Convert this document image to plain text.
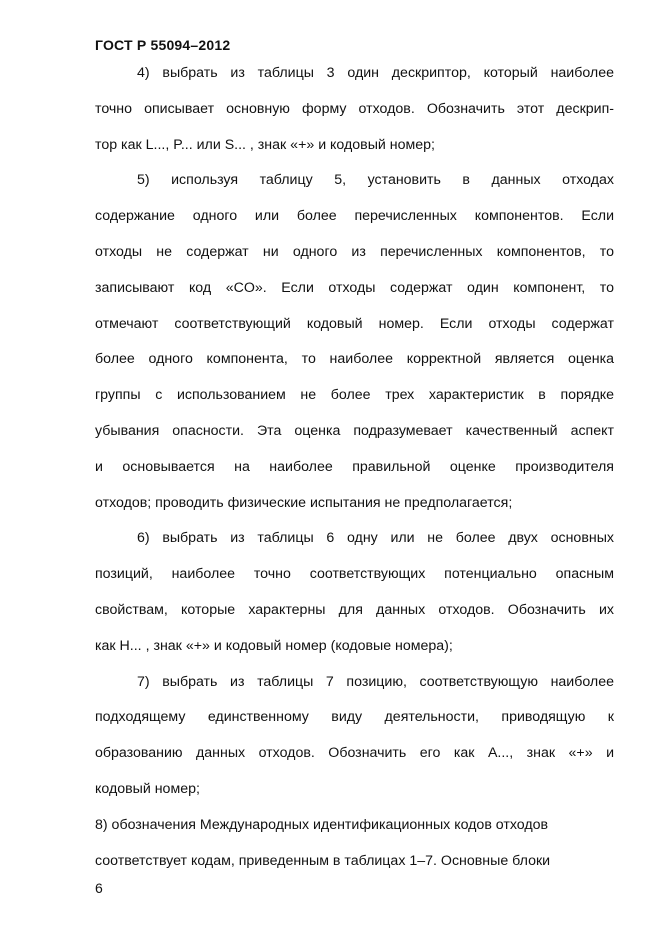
ГОСТ Р 55094–2012
4) выбрать из таблицы 3 один дескриптор, который наиболее
точно описывает основную форму отходов. Обозначить этот дескрип-
тор как L..., P... или S... , знак «+» и кодовый номер;
5) используя таблицу 5, установить в данных отходах
содержание одного или более перечисленных компонентов. Если
отходы не содержат ни одного из перечисленных компонентов, то
записывают код «CO». Если отходы содержат один компонент, то
отмечают соответствующий кодовый номер. Если отходы содержат
более одного компонента, то наиболее корректной является оценка
группы с использованием не более трех характеристик в порядке
убывания опасности. Эта оценка подразумевает качественный аспект
и основывается на наиболее правильной оценке производителя
отходов; проводить физические испытания не предполагается;
6) выбрать из таблицы 6 одну или не более двух основных
позиций, наиболее точно соответствующих потенциально опасным
свойствам, которые характерны для данных отходов. Обозначить их
как H... , знак «+» и кодовый номер (кодовые номера);
7) выбрать из таблицы 7 позицию, соответствующую наиболее
подходящему единственному виду деятельности, приводящую к
образованию данных отходов. Обозначить его как A..., знак «+» и
кодовый номер;
8) обозначения Международных идентификационных кодов отходов
соответствует кодам, приведенным в таблицах 1–7. Основные блоки
6
